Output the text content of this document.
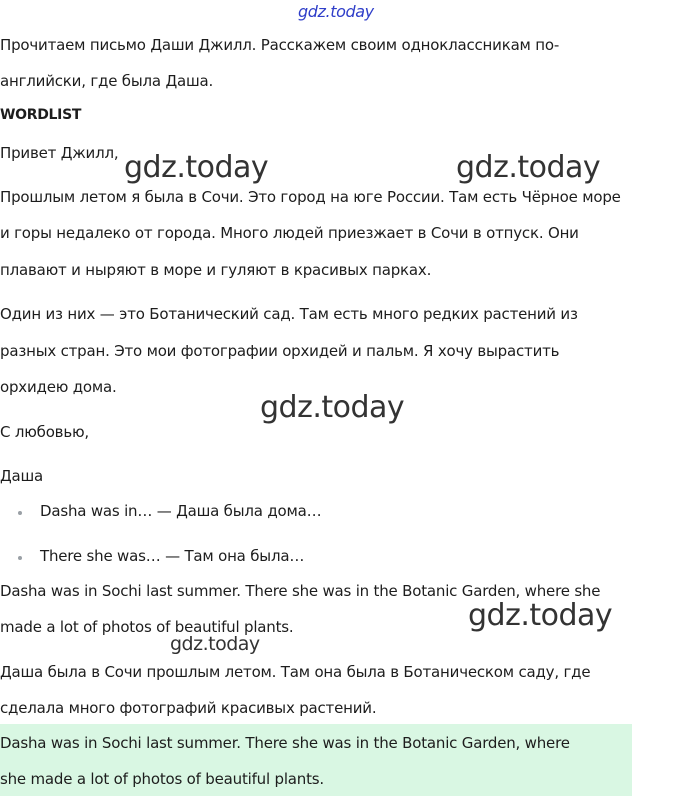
gdz.today
Прочитаем письмо Даши Джилл. Расскажем своим одноклассникам по-
английски, где была Даша.
WORDLIST
Привет Джилл,
Прошлым летом я была в Сочи. Это город на юге России. Там есть Чёрное море
и горы недалеко от города. Много людей приезжает в Сочи в отпуск. Они
плавают и ныряют в море и гуляют в красивых парках.
Один из них — это Ботанический сад. Там есть много редких растений из
разных стран. Это мои фотографии орхидей и пальм. Я хочу вырастить
орхидею дома.
С любовью,
Даша
Dasha was in… — Даша была дома…
There she was… — Там она была…
Dasha was in Sochi last summer. There she was in the Botanic Garden, where she
made a lot of photos of beautiful plants.
Даша была в Сочи прошлым летом. Там она была в Ботаническом саду, где
сделала много фотографий красивых растений.
Dasha was in Sochi last summer. There she was in the Botanic Garden, where
she made a lot of photos of beautiful plants.
gdz.today	gdz.today
gdz.today
gdz.today
gdz.today
